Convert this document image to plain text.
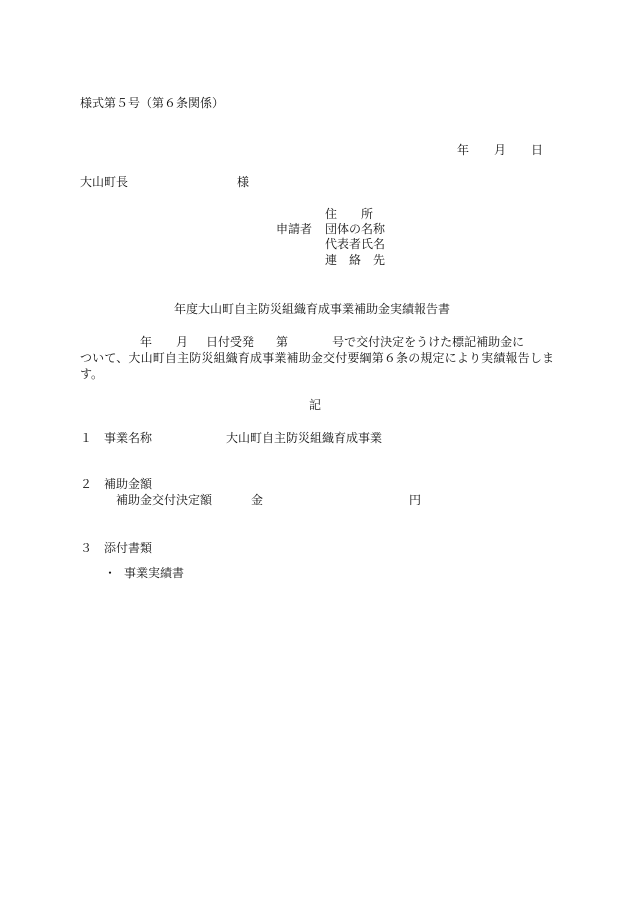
様式第５号（第６条関係）
年 月 日
大山町長	様
申請者
住　　所
団体の名称
代表者氏名
連　絡　先
年度大山町自主防災組織育成事業補助金実績報告書
年 月 日付受発 第	号で交付決定をうけた標記補助金に
ついて、大山町自主防災組織育成事業補助金交付要綱第６条の規定により実績報告しま
す。
記
１ 事業名称	大山町自主防災組織育成事業
２ 補助金額
補助金交付決定額	金	円
３ 添付書類
・ 事業実績書
